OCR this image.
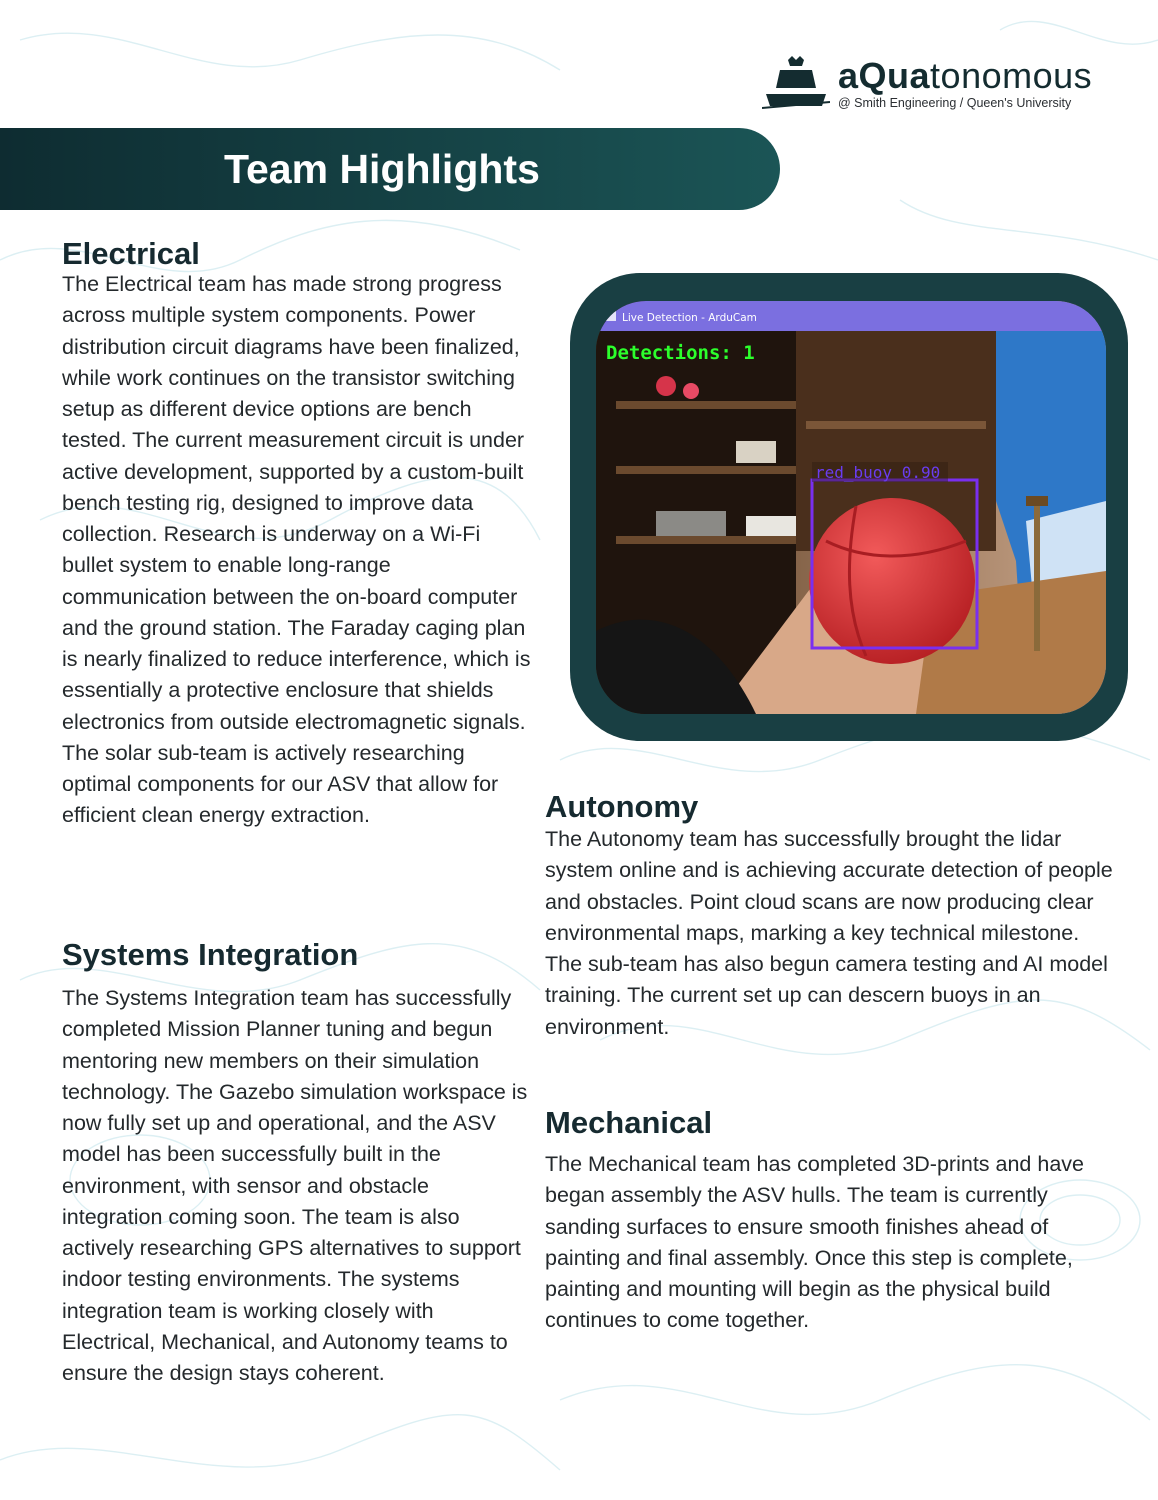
aQuatonomous
@ Smith Engineering / Queen's University
Team Highlights
Electrical

The Electrical team has made strong progress across multiple system components. Power distribution circuit diagrams have been finalized, while work continues on the transistor switching setup as different device options are bench tested. The current measurement circuit is under active development, supported by a custom-built bench testing rig, designed to improve data collection. Research is underway on a Wi-Fi bullet system to enable long-range communication between the on-board computer and the ground station. The Faraday caging plan is nearly finalized to reduce interference, which is essentially a protective enclosure that shields electronics from outside electromagnetic signals. The solar sub-team is actively researching optimal components for our ASV that allow for efficient clean energy extraction.

Systems Integration

The Systems Integration team has successfully completed Mission Planner tuning and begun mentoring new members on their simulation technology. The Gazebo simulation workspace is now fully set up and operational, and the ASV model has been successfully built in the environment, with sensor and obstacle integration coming soon. The team is also actively researching GPS alternatives to support indoor testing environments. The systems integration team is working closely with Electrical, Mechanical, and Autonomy teams to ensure the design stays coherent.

red_buoy 0.90
Live Detection - ArduCam
Detections: 1
Autonomy

The Autonomy team has successfully brought the lidar system online and is achieving accurate detection of people and obstacles. Point cloud scans are now producing clear environmental maps, marking a key technical milestone. The sub-team has also begun camera testing and AI model training. The current set up can descern buoys in an environment.

Mechanical

The Mechanical team has completed 3D-prints and have began assembly the ASV hulls. The team is currently sanding surfaces to ensure smooth finishes ahead of painting and final assembly. Once this step is complete, painting and mounting will begin as the physical build continues to come together.
